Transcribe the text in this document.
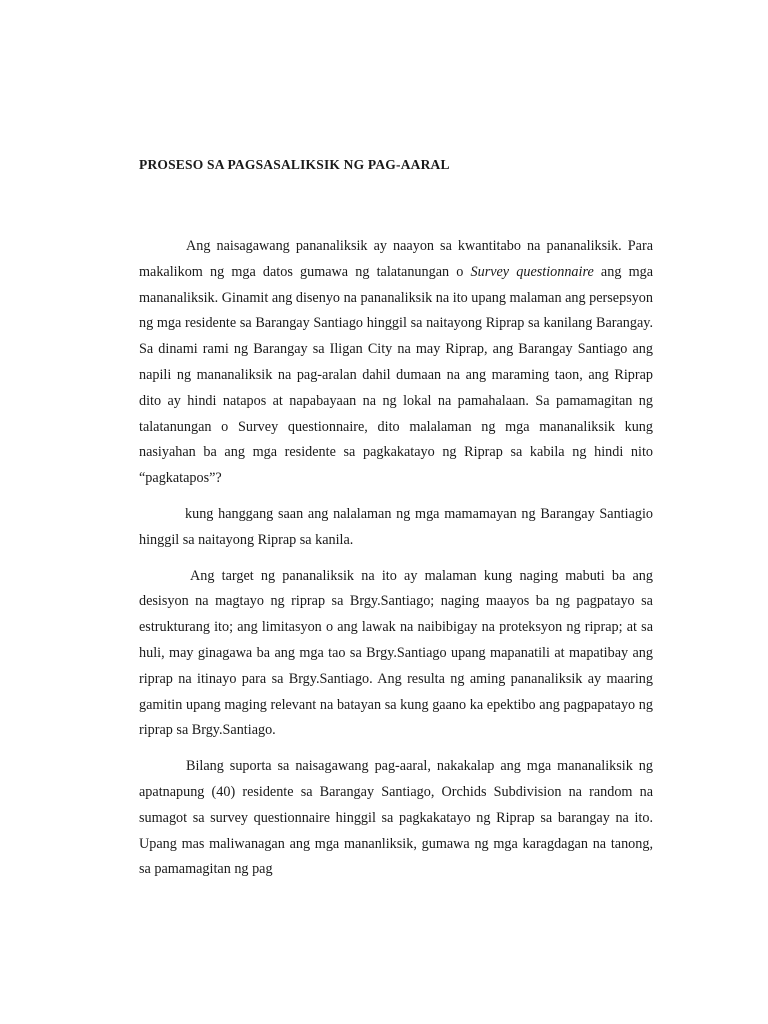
PROSESO SA PAGSASALIKSIK NG PAG-AARAL

Ang naisagawang pananaliksik ay naayon sa kwantitabo na pananaliksik. Para makalikom ng mga datos gumawa ng talatanungan o Survey questionnaire ang mga mananaliksik. Ginamit ang disenyo na pananaliksik na ito upang malaman ang persepsyon ng mga residente sa Barangay Santiago hinggil sa naitayong Riprap sa kanilang Barangay. Sa dinami rami ng Barangay sa Iligan City na may Riprap, ang Barangay Santiago ang napili ng mananaliksik na pag-aralan dahil dumaan na ang maraming taon, ang Riprap dito ay hindi natapos at napabayaan na ng lokal na pamahalaan. Sa pamamagitan ng talatanungan o Survey questionnaire, dito malalaman ng mga mananaliksik kung nasiyahan ba ang mga residente sa pagkakatayo ng Riprap sa kabila ng hindi nito “pagkatapos”?

kung hanggang saan ang nalalaman ng mga mamamayan ng Barangay Santiagio hinggil sa naitayong Riprap sa kanila.

Ang target ng pananaliksik na ito ay malaman kung naging mabuti ba ang desisyon na magtayo ng riprap sa Brgy.Santiago; naging maayos ba ng pagpatayo sa estrukturang ito; ang limitasyon o ang lawak na naibibigay na proteksyon ng riprap; at sa huli, may ginagawa ba ang mga tao sa Brgy.Santiago upang mapanatili at mapatibay ang riprap na itinayo para sa Brgy.Santiago. Ang resulta ng aming pananaliksik ay maaring gamitin upang maging relevant na batayan sa kung gaano ka epektibo ang pagpapatayo ng riprap sa Brgy.Santiago.

Bilang suporta sa naisagawang pag-aaral, nakakalap ang mga mananaliksik ng apatnapung (40) residente sa Barangay Santiago, Orchids Subdivision na random na sumagot sa survey questionnaire hinggil sa pagkakatayo ng Riprap sa barangay na ito. Upang mas maliwanagan ang mga mananliksik, gumawa ng mga karagdagan na tanong, sa pamamagitan ng pag
